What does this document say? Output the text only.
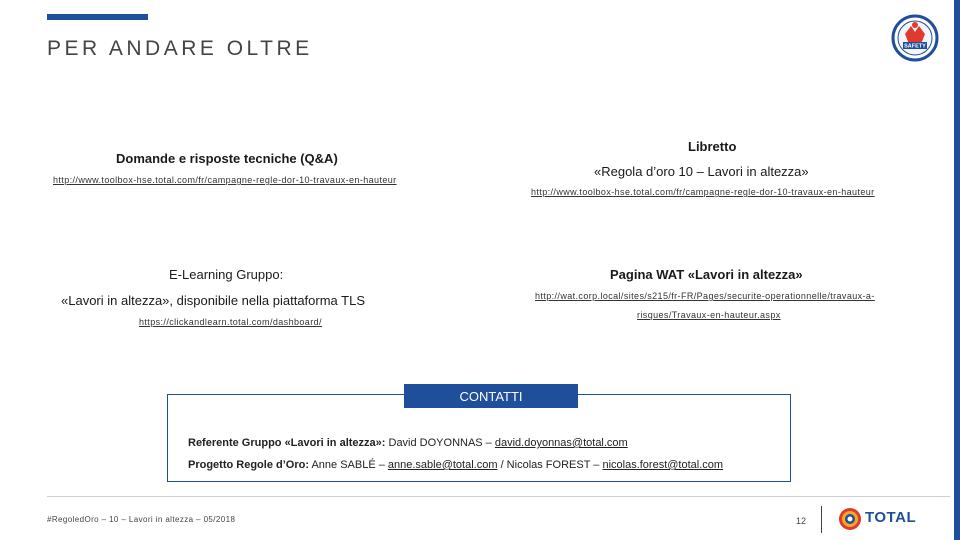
PER ANDARE OLTRE	SAFETY
Domande e risposte tecniche (Q&A)
http://www.toolbox-hse.total.com/fr/campagne-regle-dor-10-travaux-en-hauteur
Libretto
«Regola d’oro 10 – Lavori in altezza»
http://www.toolbox-hse.total.com/fr/campagne-regle-dor-10-travaux-en-hauteur
E-Learning Gruppo:
«Lavori in altezza», disponibile nella piattaforma TLS
https://clickandlearn.total.com/dashboard/
Pagina WAT «Lavori in altezza»
http://wat.corp.local/sites/s215/fr-FR/Pages/securite-operationnelle/travaux-a-
risques/Travaux-en-hauteur.aspx
CONTATTI
Referente Gruppo «Lavori in altezza»: David DOYONNAS – david.doyonnas@total.com
Progetto Regole d’Oro: Anne SABLÉ – anne.sable@total.com / Nicolas FOREST – nicolas.forest@total.com
#RegoledOro – 10 – Lavori in altezza – 05/2018	12	TOTAL
